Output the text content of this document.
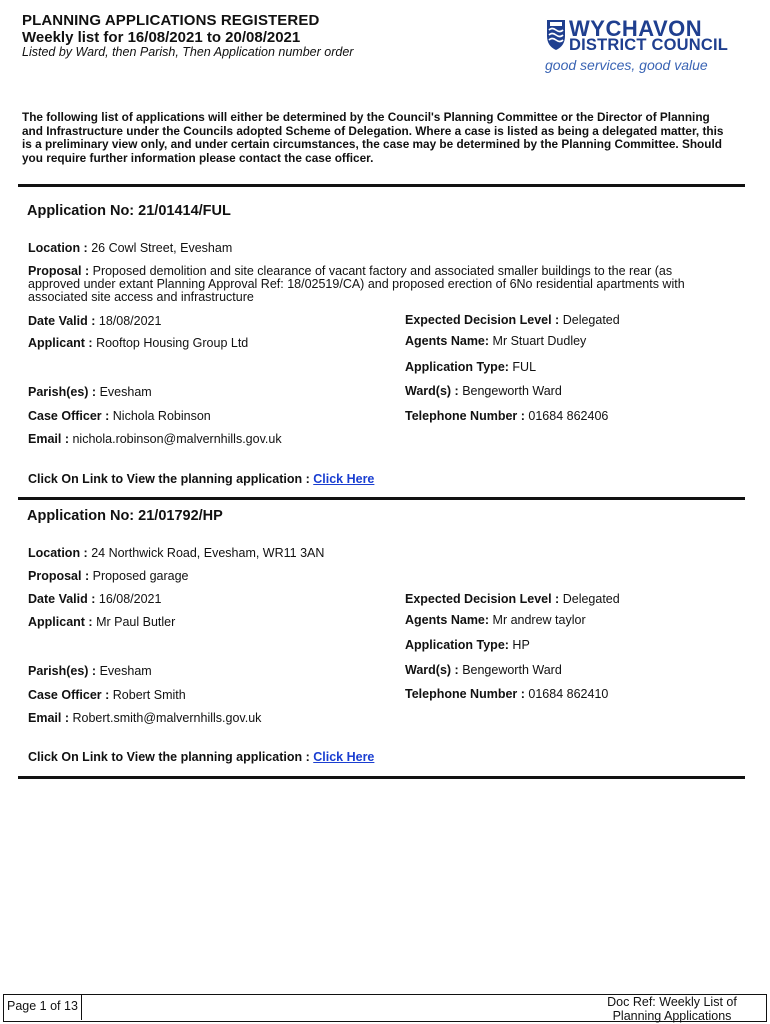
PLANNING APPLICATIONS REGISTERED
Weekly list for 16/08/2021 to 20/08/2021
Listed by Ward, then Parish, Then Application number order
WYCHAVON
DISTRICT COUNCIL
good services, good value
The following list of applications will either be determined by the Council's Planning Committee or the Director of Planning and Infrastructure under the Councils adopted Scheme of Delegation. Where a case is listed as being a delegated matter, this is a preliminary view only, and under certain circumstances, the case may be determined by the Planning Committee. Should you require further information please contact the case officer.
Application No: 21/01414/FUL
Location : 26 Cowl Street, Evesham
Proposal : Proposed demolition and site clearance of vacant factory and associated smaller buildings to the rear (as approved under extant Planning Approval Ref: 18/02519/CA) and proposed erection of 6No residential apartments with associated site access and infrastructure
Date Valid : 18/08/2021	Expected Decision Level : Delegated
Applicant : Rooftop Housing Group Ltd	Agents Name: Mr Stuart Dudley
Application Type: FUL
Parish(es) : Evesham	Ward(s) : Bengeworth Ward
Case Officer : Nichola Robinson	Telephone Number : 01684 862406
Email : nichola.robinson@malvernhills.gov.uk
Click On Link to View the planning application : Click Here
Application No: 21/01792/HP
Location : 24 Northwick Road, Evesham, WR11 3AN
Proposal : Proposed garage
Date Valid : 16/08/2021	Expected Decision Level : Delegated
Applicant : Mr Paul Butler	Agents Name: Mr andrew taylor
Application Type: HP
Parish(es) : Evesham	Ward(s) : Bengeworth Ward
Case Officer : Robert Smith	Telephone Number : 01684 862410
Email : Robert.smith@malvernhills.gov.uk
Click On Link to View the planning application : Click Here
Page 1 of 13	Doc Ref: Weekly List of Planning Applications
